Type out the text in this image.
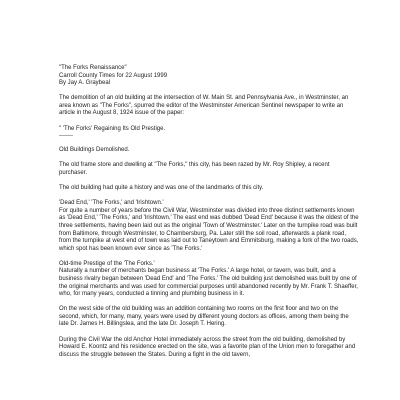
"The Forks Renaissance"

Carroll County Times for 22 August 1999

By Jay A. Graybeal

The demolition of an old building at the intersection of W. Main St. and Pennsylvania Ave., in Westminster, an area known as "The Forks", spurred the editor of the Westminster American Sentinel newspaper to write an article in the August 8, 1924 issue of the paper:

" 'The Forks' Regaining Its Old Prestige.

-------

Old Buildings Demolished.

The old frame store and dwelling at "The Forks," this city, has been razed by Mr. Roy Shipley, a recent purchaser.

The old building had quite a history and was one of the landmarks of this city.

'Dead End,' 'The Forks,' and 'Irishtown.'

For quite a number of years before the Civil War, Westminster was divided into three distinct settlements known as 'Dead End,' 'The Forks,' and 'Irishtown.' The east end was dubbed 'Dead End' because it was the oldest of the three settlements, having been laid out as the original 'Town of Westminster.' Later on the turnpike road was built from Baltimore, through Westminster, to Chambersburg, Pa. Later still the soil road, afterwards a plank road, from the turnpike at west end of town was laid out to Taneytown and Emmitsburg, making a fork of the two roads, which spot has been known ever since as 'The Forks.'

Old-time Prestige of the 'The Forks.'

Naturally a number of merchants began business at 'The Forks.' A large hotel, or tavern, was built, and a business rivalry began between 'Dead End' and 'The Forks.' The old building just demolished was built by one of the original merchants and was used for commercial purposes until abandoned recently by Mr. Frank T. Shaeffer, who, for many years, conducted a tinning and plumbing business in it.

On the west side of the old building was an addition containing two rooms on the first floor and two on the second, which, for many, many, years were used by different young doctors as offices, among them being the late Dr. James H. Billingslea, and the late Dr. Joseph T. Hering.

During the Civil War the old Anchor Hotel immediately across the street from the old building, demolished by Howard E. Koontz and his residence erected on the site, was a favorite plan of the Union men to foregather and discuss the struggle between the States. During a fight in the old tavern,
